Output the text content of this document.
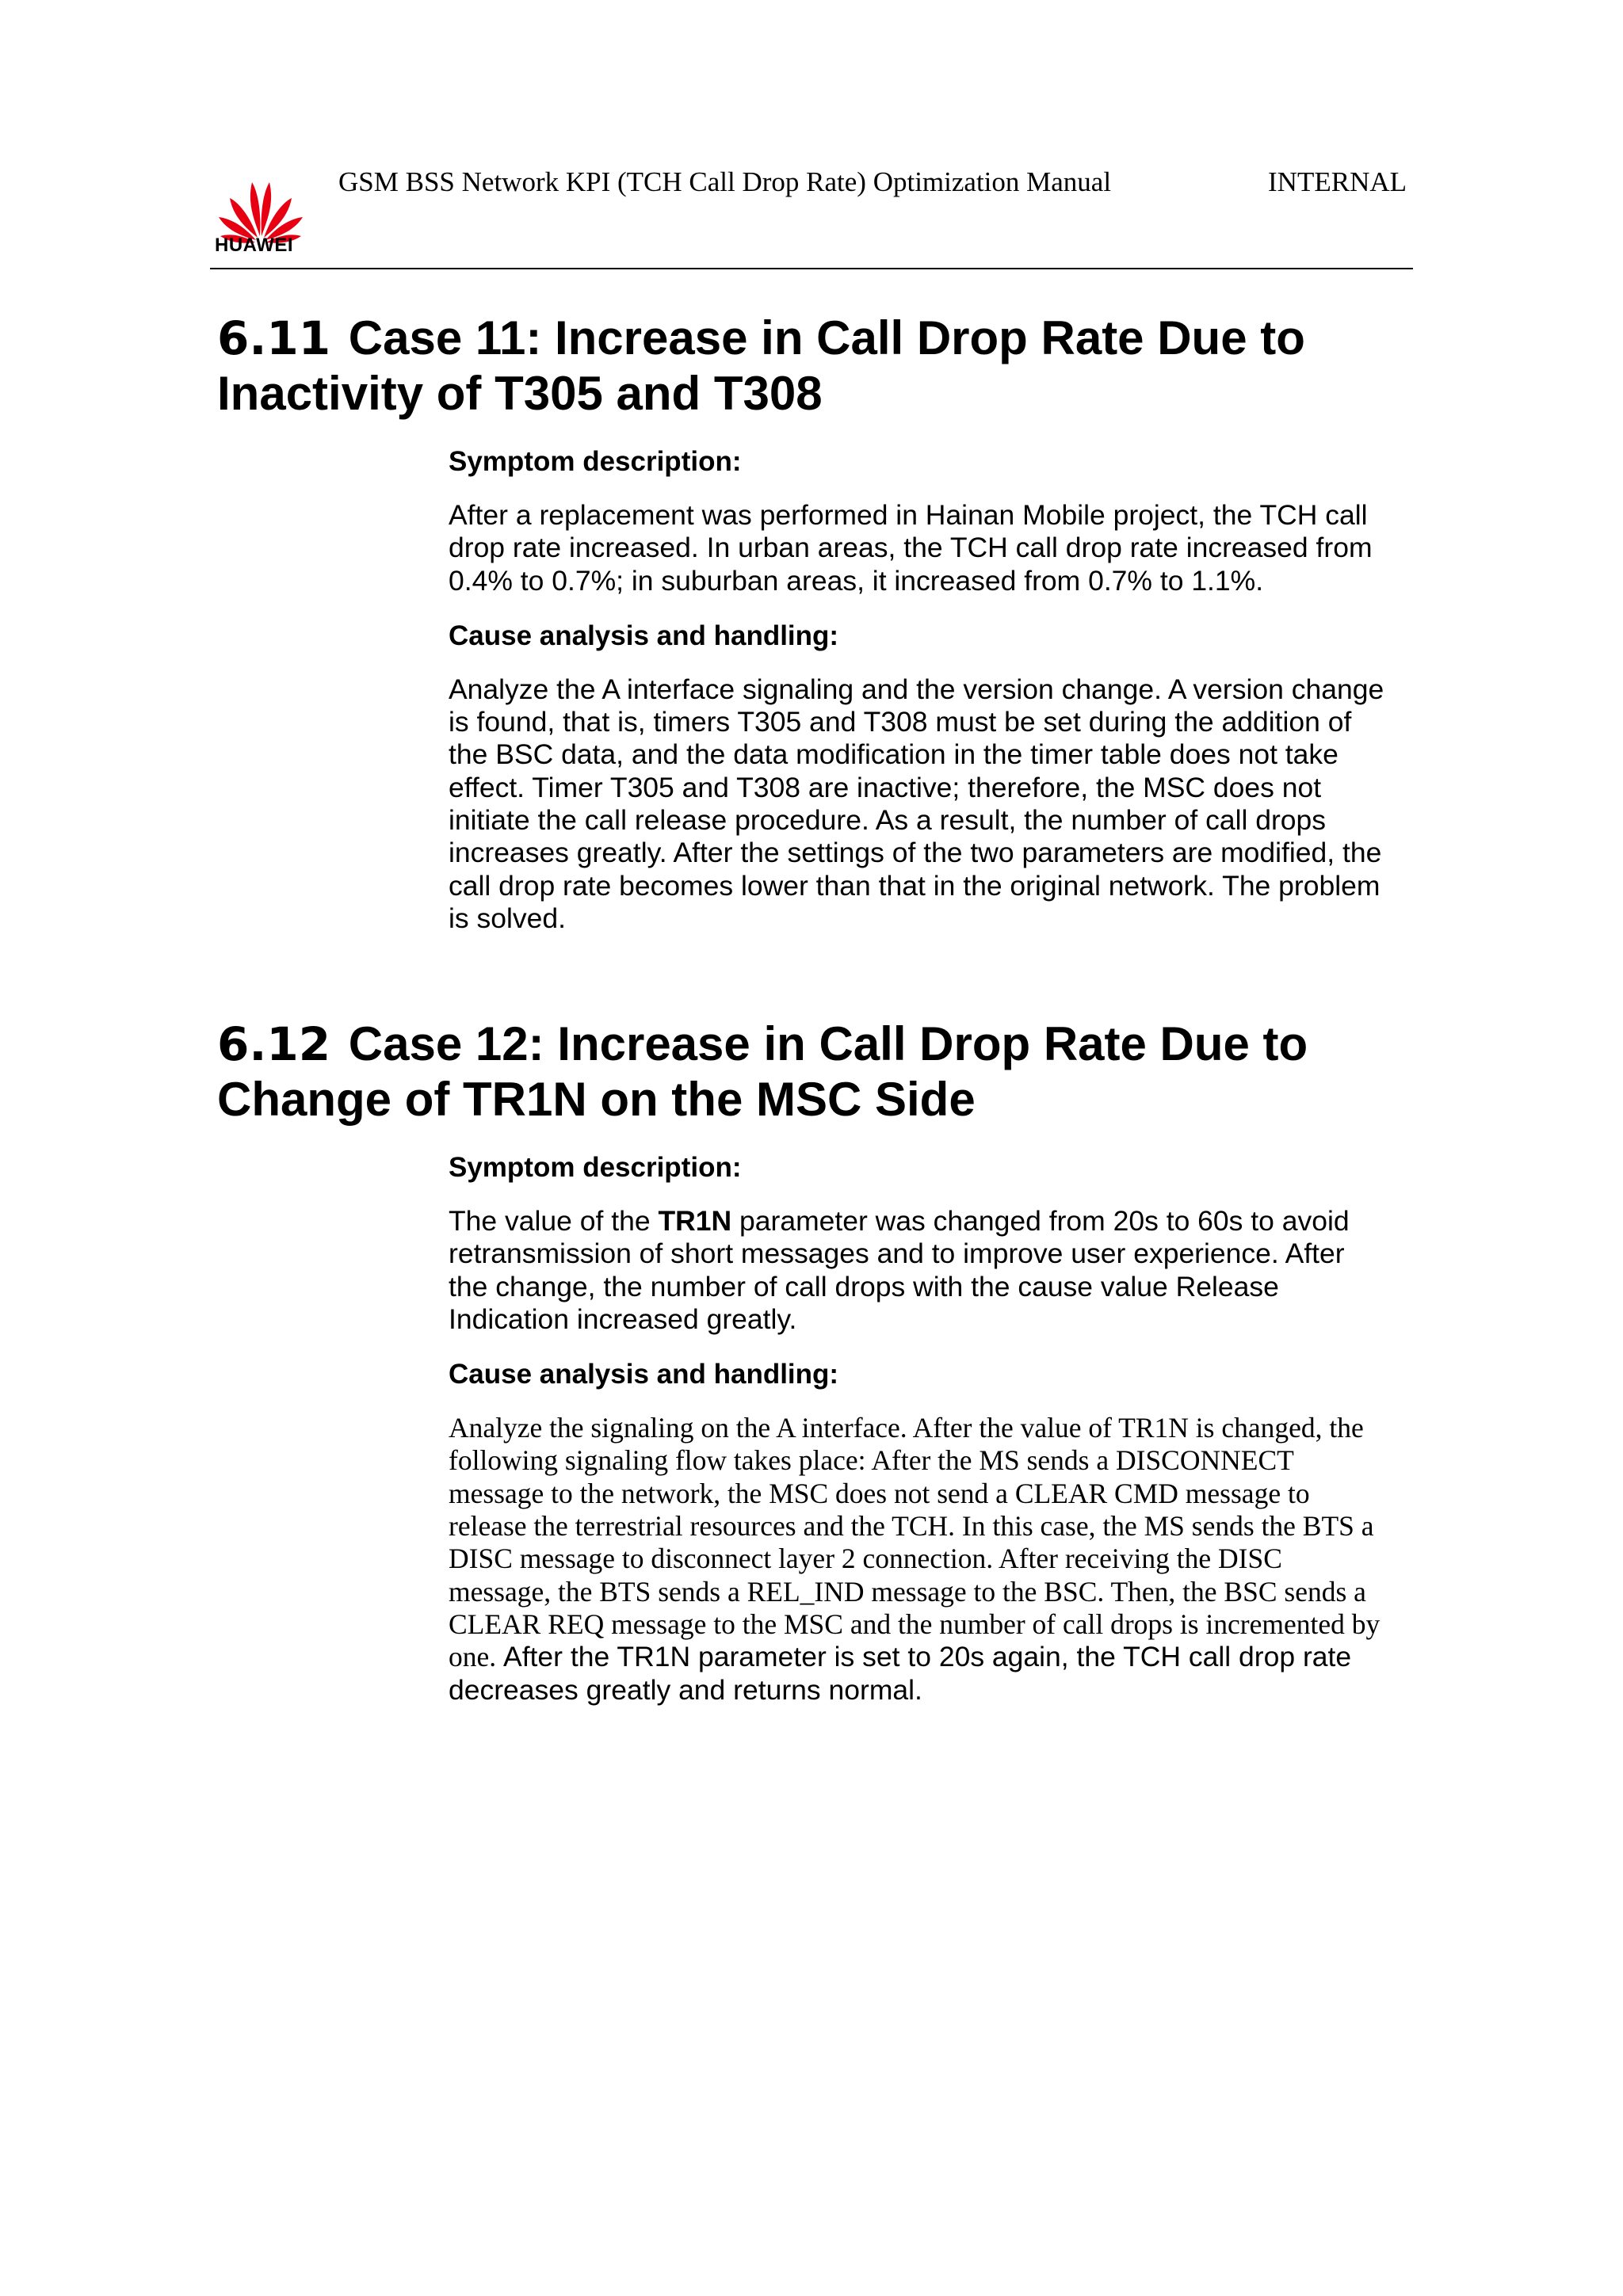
HUAWEI
GSM BSS Network KPI (TCH Call Drop Rate) Optimization Manual	INTERNAL
6.11 Case 11: Increase in Call Drop Rate Due to
Inactivity of T305 and T308

Symptom description:

After a replacement was performed in Hainan Mobile project, the TCH call
drop rate increased. In urban areas, the TCH call drop rate increased from
0.4% to 0.7%; in suburban areas, it increased from 0.7% to 1.1%.

Cause analysis and handling:

Analyze the A interface signaling and the version change. A version change
is found, that is, timers T305 and T308 must be set during the addition of
the BSC data, and the data modification in the timer table does not take
effect. Timer T305 and T308 are inactive; therefore, the MSC does not
initiate the call release procedure. As a result, the number of call drops
increases greatly. After the settings of the two parameters are modified, the
call drop rate becomes lower than that in the original network. The problem
is solved.

6.12 Case 12: Increase in Call Drop Rate Due to
Change of TR1N on the MSC Side

Symptom description:

The value of the TR1N parameter was changed from 20s to 60s to avoid
retransmission of short messages and to improve user experience. After
the change, the number of call drops with the cause value Release
Indication increased greatly.

Cause analysis and handling:

Analyze the signaling on the A interface. After the value of TR1N is changed, the
following signaling flow takes place: After the MS sends a DISCONNECT
message to the network, the MSC does not send a CLEAR CMD message to
release the terrestrial resources and the TCH. In this case, the MS sends the BTS a
DISC message to disconnect layer 2 connection. After receiving the DISC
message, the BTS sends a REL_IND message to the BSC. Then, the BSC sends a
CLEAR REQ message to the MSC and the number of call drops is incremented by
one. After the TR1N parameter is set to 20s again, the TCH call drop rate
decreases greatly and returns normal.
